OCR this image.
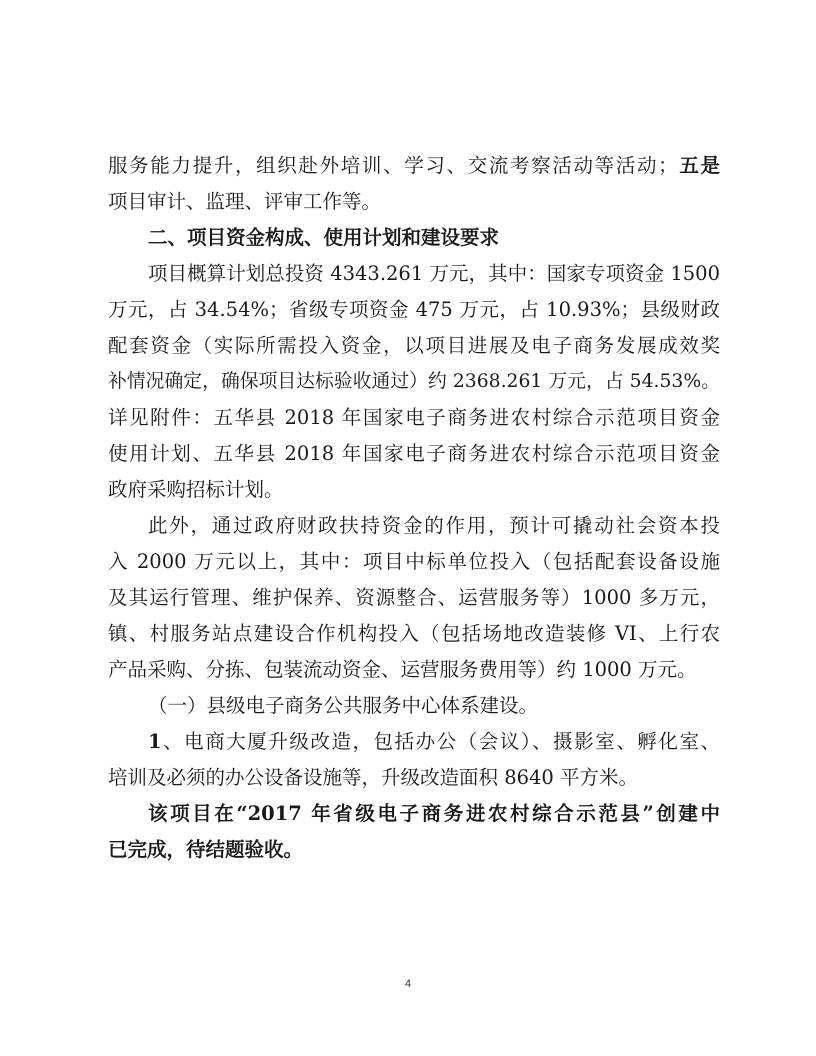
服务能力提升，组织赴外培训、学习、交流考察活动等活动；五是
项目审计、监理、评审工作等。
二、项目资金构成、使用计划和建设要求
项目概算计划总投资 4343.261 万元，其中：国家专项资金 1500
万元，占 34.54%；省级专项资金 475 万元，占 10.93%；县级财政
配套资金（实际所需投入资金，以项目进展及电子商务发展成效奖
补情况确定，确保项目达标验收通过）约 2368.261 万元，占 54.53%。
详见附件：五华县 2018 年国家电子商务进农村综合示范项目资金
使用计划、五华县 2018 年国家电子商务进农村综合示范项目资金
政府采购招标计划。
此外，通过政府财政扶持资金的作用，预计可撬动社会资本投
入 2000 万元以上，其中：项目中标单位投入（包括配套设备设施
及其运行管理、维护保养、资源整合、运营服务等）1000 多万元，
镇、村服务站点建设合作机构投入（包括场地改造装修 VI、上行农
产品采购、分拣、包装流动资金、运营服务费用等）约 1000 万元。
（一）县级电子商务公共服务中心体系建设。
1、电商大厦升级改造，包括办公（会议）、摄影室、孵化室、
培训及必须的办公设备设施等，升级改造面积 8640 平方米。
该项目在“2017 年省级电子商务进农村综合示范县”创建中
已完成，待结题验收。
4
